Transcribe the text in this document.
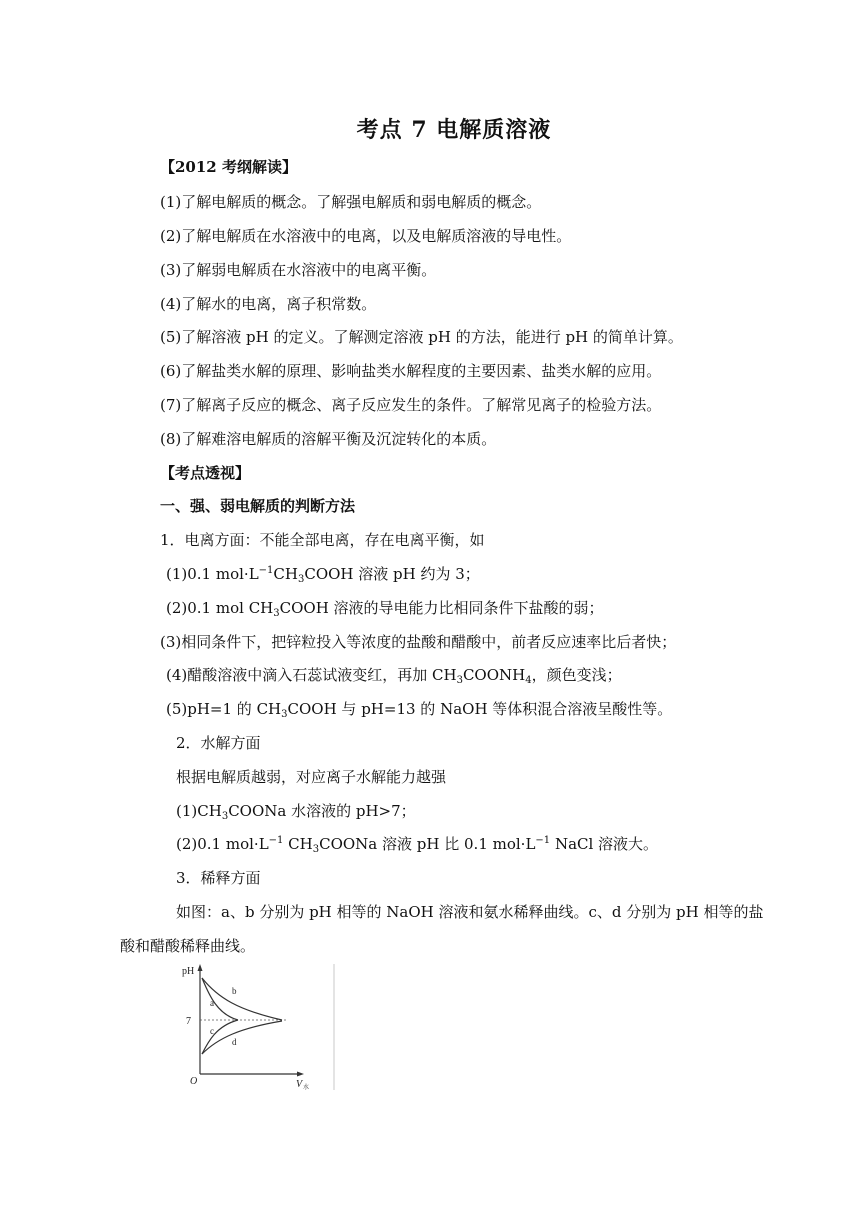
考点 7 电解质溶液
【2012 考纲解读】
(1)了解电解质的概念。了解强电解质和弱电解质的概念。
(2)了解电解质在水溶液中的电离，以及电解质溶液的导电性。
(3)了解弱电解质在水溶液中的电离平衡。
(4)了解水的电离，离子积常数。
(5)了解溶液 pH 的定义。了解测定溶液 pH 的方法，能进行 pH 的简单计算。
(6)了解盐类水解的原理、影响盐类水解程度的主要因素、盐类水解的应用。
(7)了解离子反应的概念、离子反应发生的条件。了解常见离子的检验方法。
(8)了解难溶电解质的溶解平衡及沉淀转化的本质。
【考点透视】
一、强、弱电解质的判断方法
1．电离方面：不能全部电离，存在电离平衡，如
(1)0.1 $mol\cdot L^{-1}CH_3COOH$ 溶液 pH 约为 3；
(2)0.1 mol $CH_3COOH$ 溶液的导电能力比相同条件下盐酸的弱；
(3)相同条件下，把锌粒投入等浓度的盐酸和醋酸中，前者反应速率比后者快；
(4)醋酸溶液中滴入石蕊试液变红，再加 $CH_3COONH_4$，颜色变浅；
(5)pH=1 的 $CH_3COOH$ 与 pH=13 的 NaOH 等体积混合溶液呈酸性等。
2．水解方面
根据电解质越弱，对应离子水解能力越强
$(1)CH_3COONa$ 水溶液的 pH>7；
(2)0.1 $mol\cdot L^{-1}$ $CH_3COONa$ 溶液 pH 比 0.1 $mol\cdot L^{-1}$ NaCl 溶液大。
3．稀释方面
如图：a、b 分别为 pH 相等的 NaOH 溶液和氨水稀释曲线。c、d 分别为 pH 相等的盐
酸和醋酸稀释曲线。
pH
7
O	V 水
a
b
c
d
